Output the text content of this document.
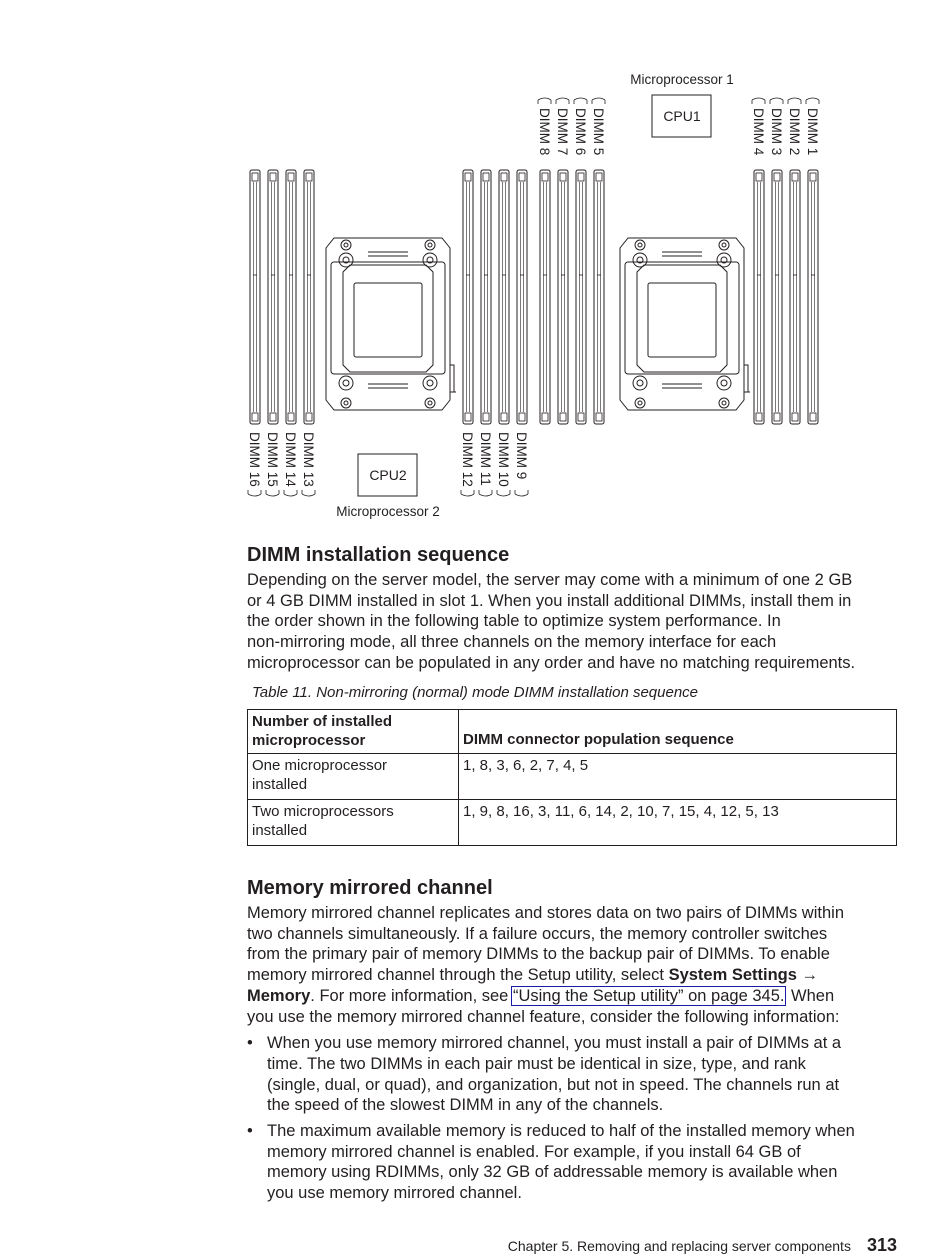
DIMM 8 DIMM 7 DIMM 6 DIMM 5	DIMM 4 DIMM 3 DIMM 2 DIMM 1
DIMM 16 DIMM 15 DIMM 14 DIMM 13	DIMM 12 DIMM 11 DIMM 10 DIMM 9
CPU1
Microprocessor 1
CPU2
Microprocessor 2
DIMM installation sequence

Depending on the server model, the server may come with a minimum of one 2 GB
or 4 GB DIMM installed in slot 1. When you install additional DIMMs, install them in
the order shown in the following table to optimize system performance. In
non-mirroring mode, all three channels on the memory interface for each
microprocessor can be populated in any order and have no matching requirements.

Table 11. Non-mirroring (normal) mode DIMM installation sequence

Number of installed
microprocessor	DIMM connector population sequence
One microprocessor
installed	1, 8, 3, 6, 2, 7, 4, 5
Two microprocessors
installed	1, 9, 8, 16, 3, 11, 6, 14, 2, 10, 7, 15, 4, 12, 5, 13
Memory mirrored channel

Memory mirrored channel replicates and stores data on two pairs of DIMMs within
two channels simultaneously. If a failure occurs, the memory controller switches
from the primary pair of memory DIMMs to the backup pair of DIMMs. To enable
memory mirrored channel through the Setup utility, select System Settings →
Memory. For more information, see “Using the Setup utility” on page 345. When
you use the memory mirrored channel feature, consider the following information:

• When you use memory mirrored channel, you must install a pair of DIMMs at a
time. The two DIMMs in each pair must be identical in size, type, and rank
(single, dual, or quad), and organization, but not in speed. The channels run at
the speed of the slowest DIMM in any of the channels.
• The maximum available memory is reduced to half of the installed memory when
memory mirrored channel is enabled. For example, if you install 64 GB of
memory using RDIMMs, only 32 GB of addressable memory is available when
you use memory mirrored channel.
Chapter 5. Removing and replacing server components 313
